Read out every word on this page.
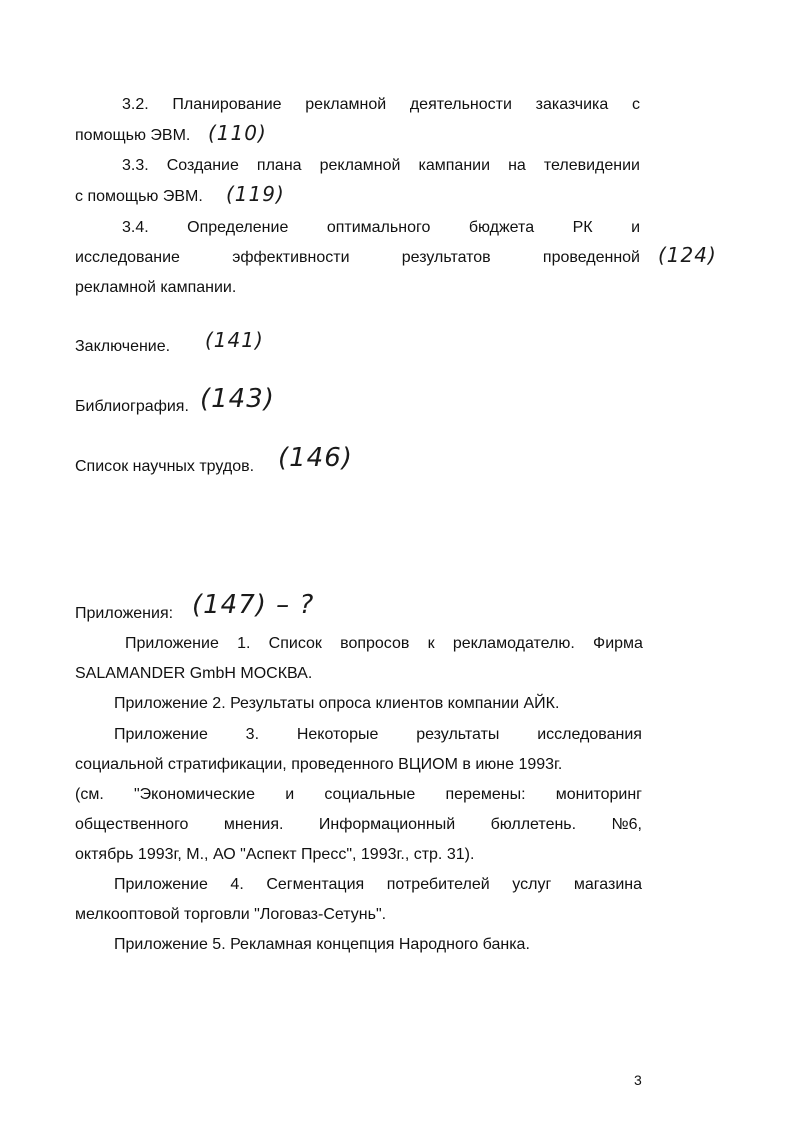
3.2. Планирование рекламной деятельности заказчика с
помощью ЭВМ. (110)
3.3. Создание плана рекламной кампании на телевидении
с помощью ЭВМ. (119)
3.4. Определение оптимального бюджета РК и
исследование	эффективности	результатов	проведенной (124)
рекламной кампании.
Заключение. (141)
Библиография. (143)
Список научных трудов. (146)
Приложения: (147) – ?
Приложение 1. Список вопросов к рекламодателю. Фирма
SALAMANDER GmbH МОСКВА.
Приложение 2. Результаты опроса клиентов компании АЙК.
Приложение 3. Некоторые результаты исследования
социальной стратификации, проведенного ВЦИОМ в июне 1993г.
(см. "Экономические и социальные перемены: мониторинг
общественного мнения. Информационный бюллетень. №6,
октябрь 1993г, М., АО "Аспект Пресс", 1993г., стр. 31).
Приложение 4. Сегментация потребителей услуг магазина
мелкооптовой торговли "Логоваз-Сетунь".
Приложение 5. Рекламная концепция Народного банка.
3
